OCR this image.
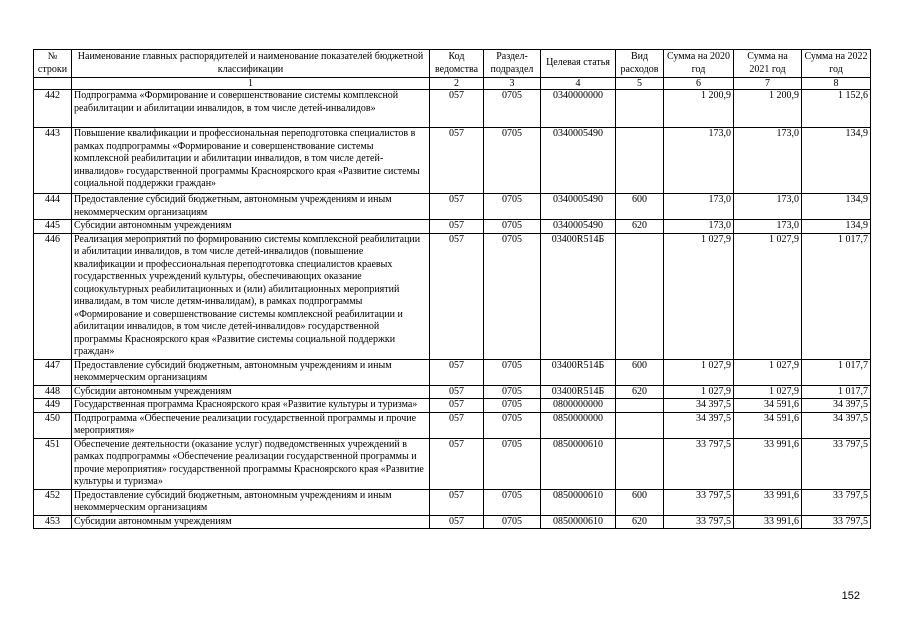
№ строки	Наименование главных распорядителей и наименование показателей бюджетной классификации	Код ведомства	Раздел-подраздел	Целевая статья	Вид расходов	Сумма на 2020 год	Сумма на 2021 год	Сумма на 2022 год
	1	2	3	4	5	6	7	8
442	Подпрограмма «Формирование и совершенствование системы комплексной реабилитации и абилитации инвалидов, в том числе детей-инвалидов»	057	0705	0340000000		1 200,9	1 200,9	1 152,6
443	Повышение квалификации и профессиональная переподготовка специалистов в рамках подпрограммы «Формирование и совершенствование системы комплексной реабилитации и абилитации инвалидов, в том числе детей-инвалидов» государственной программы Красноярского края «Развитие системы социальной поддержки граждан»	057	0705	0340005490		173,0	173,0	134,9
444	Предоставление субсидий бюджетным, автономным учреждениям и иным некоммерческим организациям	057	0705	0340005490	600	173,0	173,0	134,9
445	Субсидии автономным учреждениям	057	0705	0340005490	620	173,0	173,0	134,9
446	Реализация мероприятий по формированию системы комплексной реабилитации и абилитации инвалидов, в том числе детей-инвалидов (повышение квалификации и профессиональная переподготовка специалистов краевых государственных учреждений культуры, обеспечивающих оказание социокультурных реабилитационных и (или) абилитационных мероприятий инвалидам, в том числе детям-инвалидам), в рамках подпрограммы «Формирование и совершенствование системы комплексной реабилитации и абилитации инвалидов, в том числе детей-инвалидов» государственной программы Красноярского края «Развитие системы социальной поддержки граждан»	057	0705	03400R514Б		1 027,9	1 027,9	1 017,7
447	Предоставление субсидий бюджетным, автономным учреждениям и иным некоммерческим организациям	057	0705	03400R514Б	600	1 027,9	1 027,9	1 017,7
448	Субсидии автономным учреждениям	057	0705	03400R514Б	620	1 027,9	1 027,9	1 017,7
449	Государственная программа Красноярского края «Развитие культуры и туризма»	057	0705	0800000000		34 397,5	34 591,6	34 397,5
450	Подпрограмма «Обеспечение реализации государственной программы и прочие мероприятия»	057	0705	0850000000		34 397,5	34 591,6	34 397,5
451	Обеспечение деятельности (оказание услуг) подведомственных учреждений в рамках подпрограммы «Обеспечение реализации государственной программы и прочие мероприятия» государственной программы Красноярского края «Развитие культуры и туризма»	057	0705	0850000610		33 797,5	33 991,6	33 797,5
452	Предоставление субсидий бюджетным, автономным учреждениям и иным некоммерческим организациям	057	0705	0850000610	600	33 797,5	33 991,6	33 797,5
453	Субсидии автономным учреждениям	057	0705	0850000610	620	33 797,5	33 991,6	33 797,5
152
